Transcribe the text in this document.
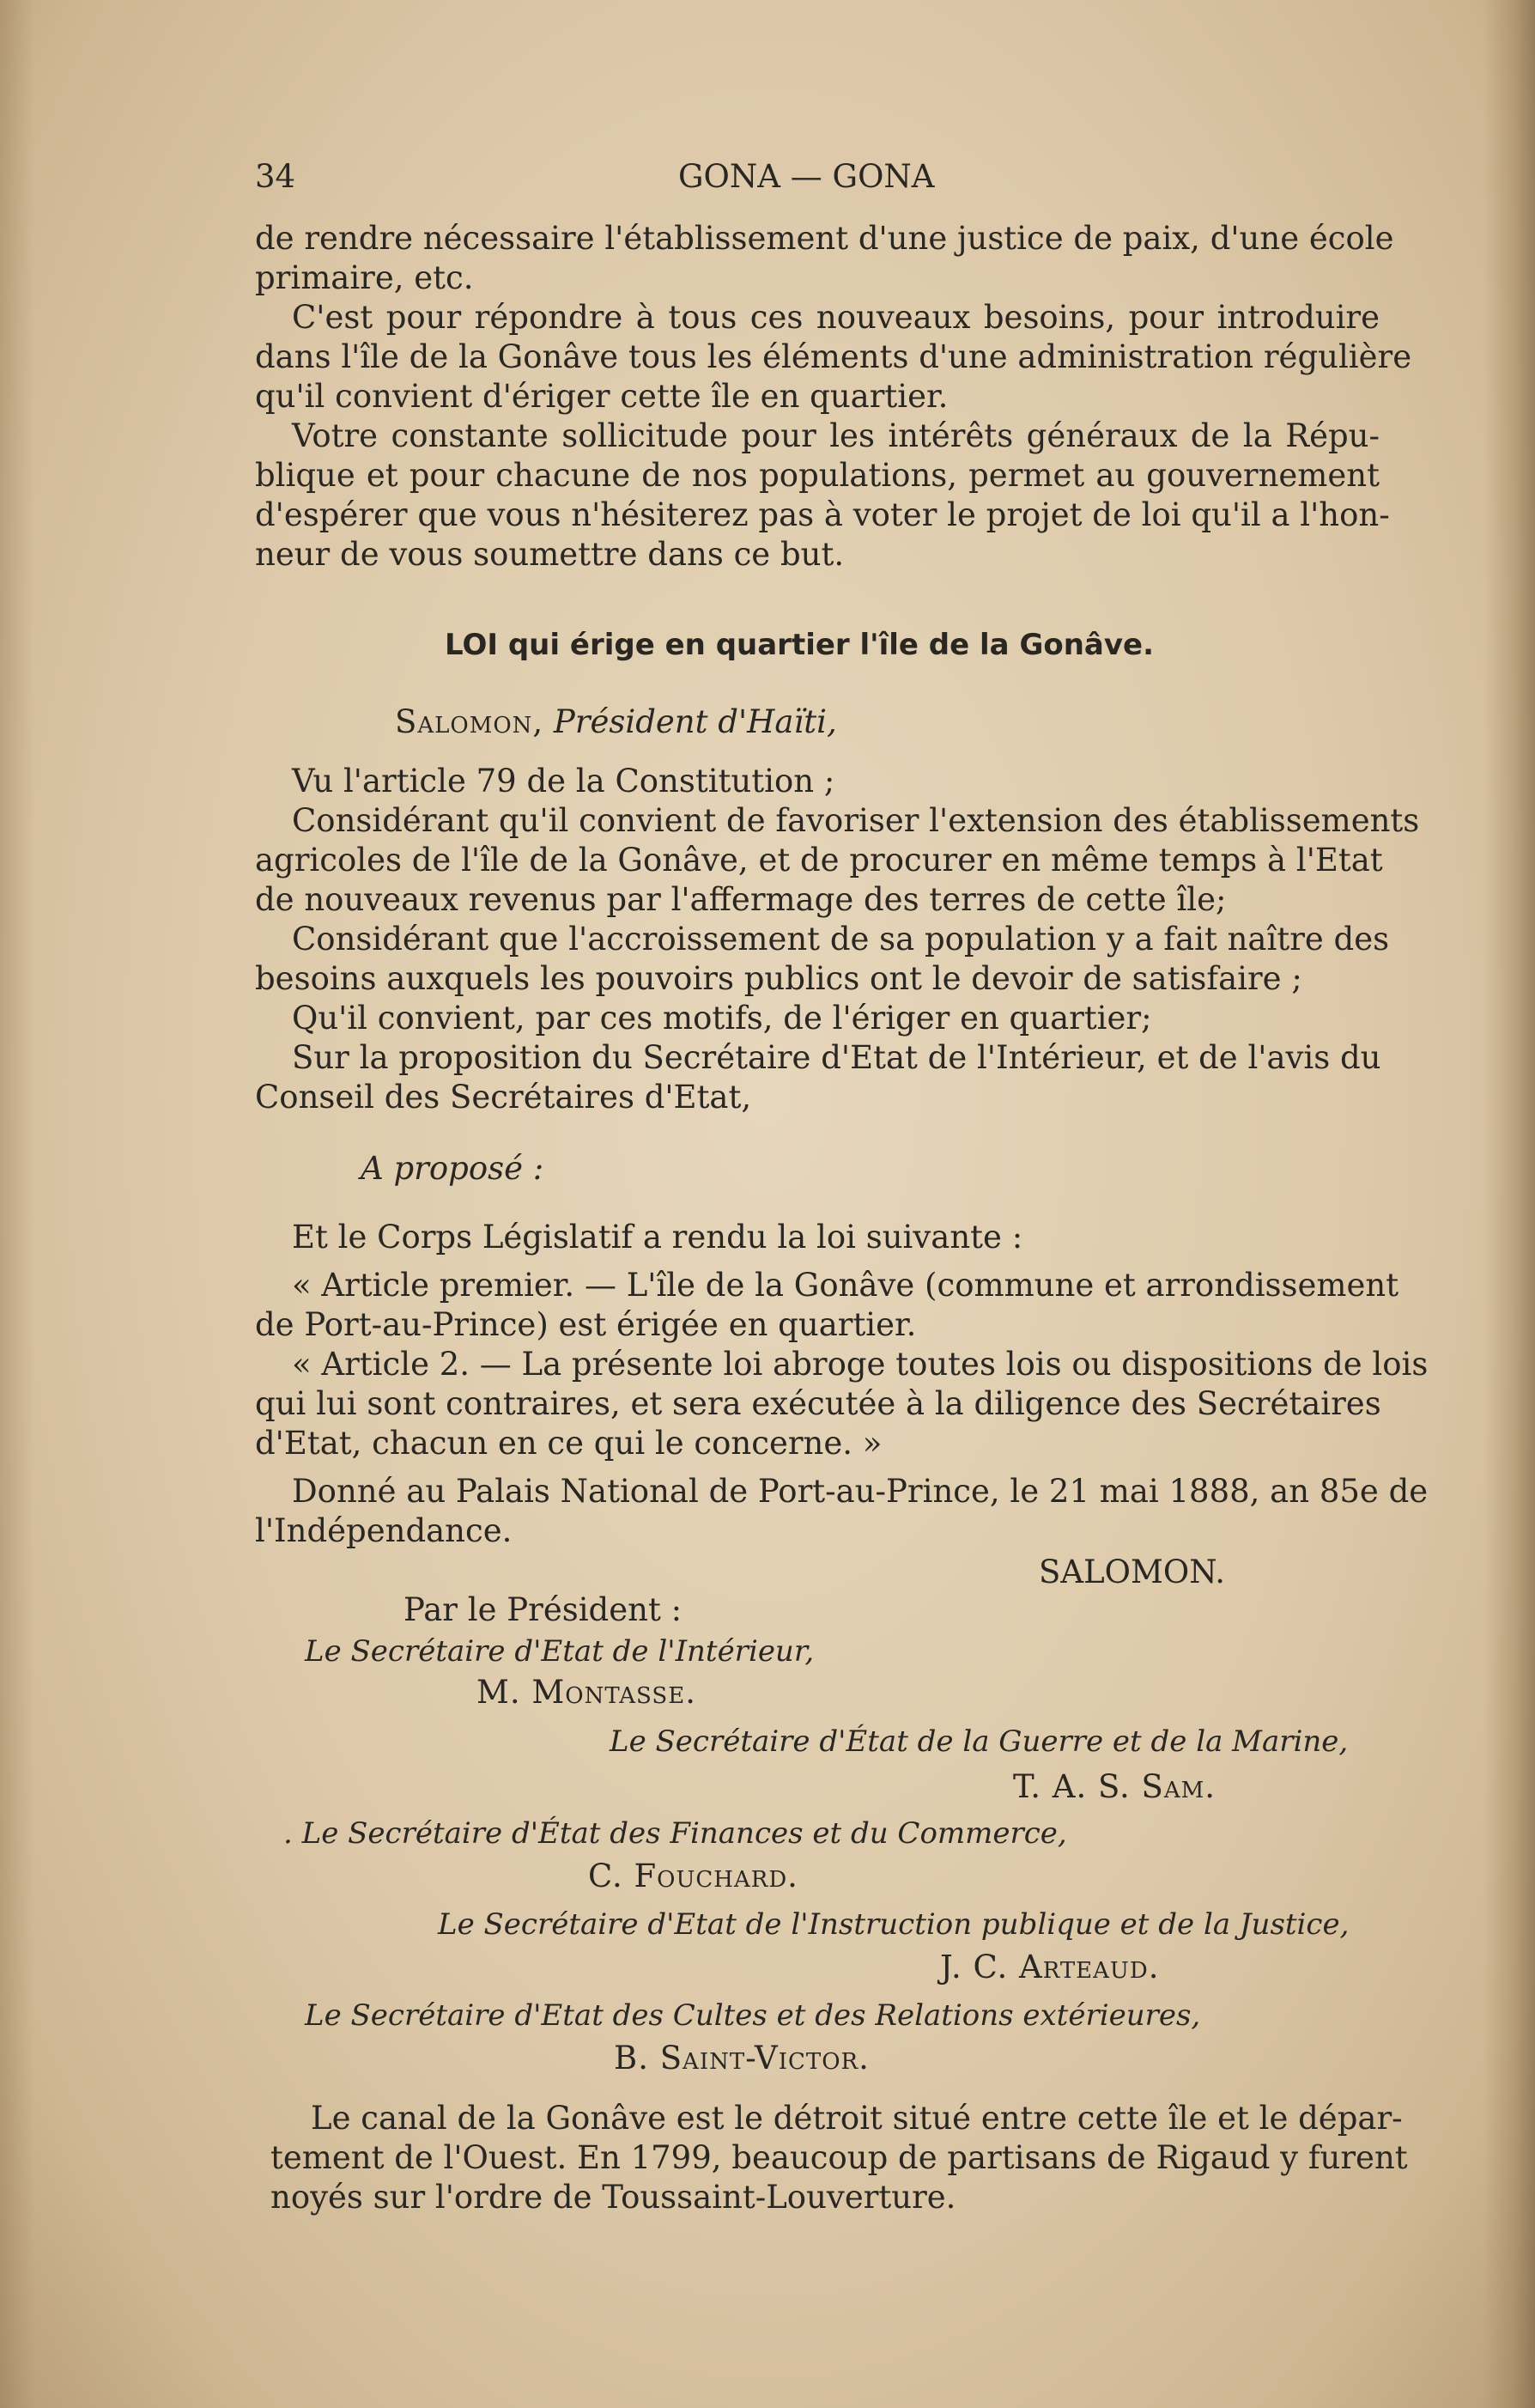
34	GONA — GONA

de rendre nécessaire l'établissement d'une justice de paix, d'une école

primaire, etc.

C'est pour répondre à tous ces nouveaux besoins, pour introduire

dans l'île de la Gonâve tous les éléments d'une administration régulière

qu'il convient d'ériger cette île en quartier.

Votre constante sollicitude pour les intérêts généraux de la Répu-

blique et pour chacune de nos populations, permet au gouvernement

d'espérer que vous n'hésiterez pas à voter le projet de loi qu'il a l'hon-

neur de vous soumettre dans ce but.

LOI qui érige en quartier l'île de la Gonâve.

Salomon, Président d'Haïti,

Vu l'article 79 de la Constitution ;

Considérant qu'il convient de favoriser l'extension des établissements

agricoles de l'île de la Gonâve, et de procurer en même temps à l'Etat

de nouveaux revenus par l'affermage des terres de cette île;

Considérant que l'accroissement de sa population y a fait naître des

besoins auxquels les pouvoirs publics ont le devoir de satisfaire ;

Qu'il convient, par ces motifs, de l'ériger en quartier;

Sur la proposition du Secrétaire d'Etat de l'Intérieur, et de l'avis du

Conseil des Secrétaires d'Etat,

A proposé :

Et le Corps Législatif a rendu la loi suivante :

« Article premier. — L'île de la Gonâve (commune et arrondissement

de Port-au-Prince) est érigée en quartier.

« Article 2. — La présente loi abroge toutes lois ou dispositions de lois

qui lui sont contraires, et sera exécutée à la diligence des Secrétaires

d'Etat, chacun en ce qui le concerne. »

Donné au Palais National de Port-au-Prince, le 21 mai 1888, an 85e de

l'Indépendance.

SALOMON.

Par le Président :

Le Secrétaire d'Etat de l'Intérieur,

M. Montasse.

Le Secrétaire d'État de la Guerre et de la Marine,

T. A. S. Sam.

. Le Secrétaire d'État des Finances et du Commerce,

C. Fouchard.

Le Secrétaire d'Etat de l'Instruction publique et de la Justice,

J. C. Arteaud.

Le Secrétaire d'Etat des Cultes et des Relations extérieures,

B. Saint-Victor.

Le canal de la Gonâve est le détroit situé entre cette île et le dépar-

tement de l'Ouest. En 1799, beaucoup de partisans de Rigaud y furent

noyés sur l'ordre de Toussaint-Louverture.
